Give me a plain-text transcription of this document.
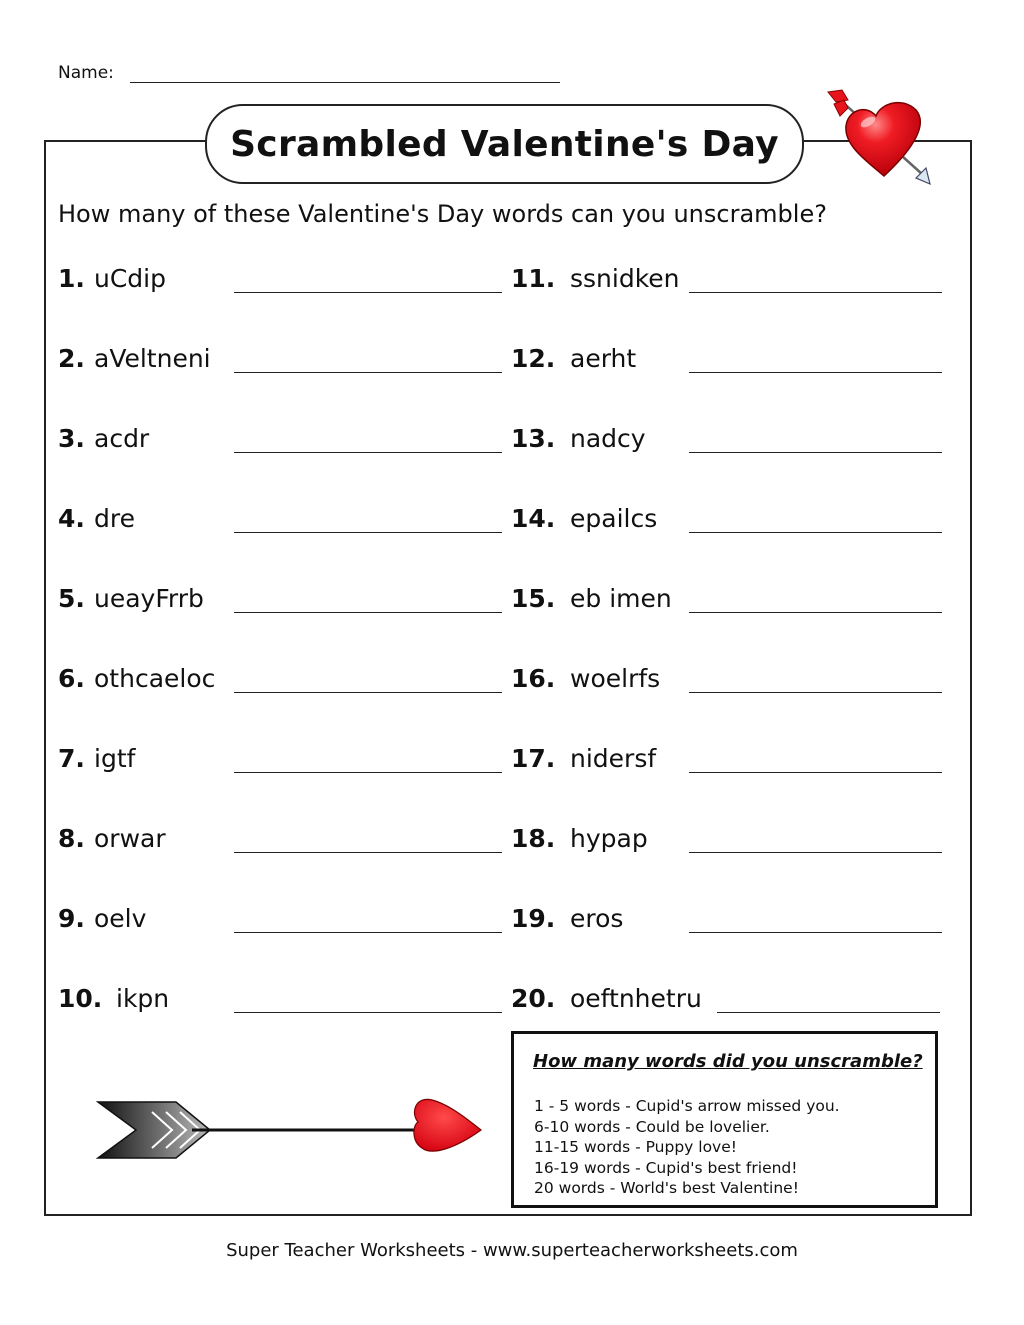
Name:
Scrambled Valentine's Day
How many of these Valentine's Day words can you unscramble?
1. uCdip
2. aVeltneni
3. acdr
4. dre
5. ueayFrrb
6. othcaeloc
7. igtf
8. orwar
9. oelv
10. ikpn
11. ssnidken
12. aerht
13. nadcy
14. epailcs
15. eb imen
16. woelrfs
17. nidersf
18. hypap
19. eros
20. oeftnhetru
How many words did you unscramble?
1 - 5 words - Cupid's arrow missed you.
6-10 words - Could be lovelier.
11-15 words - Puppy love!
16-19 words - Cupid's best friend!
20 words - World's best Valentine!
Super Teacher Worksheets - www.superteacherworksheets.com
